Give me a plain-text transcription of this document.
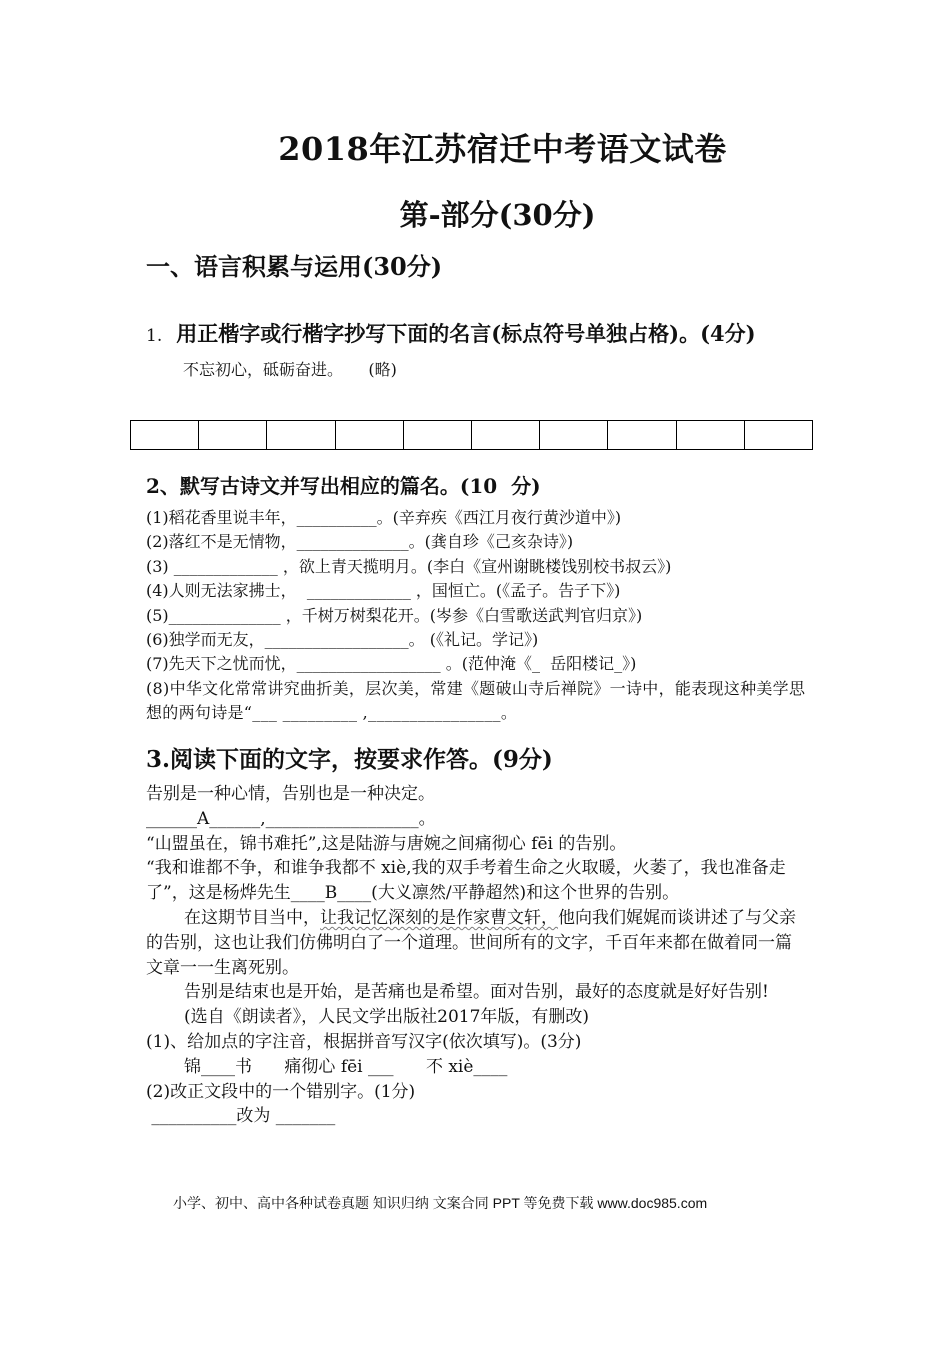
2018年江苏宿迁中考语文试卷
第-部分(30分)
一、语言积累与运用(30分)
1. 用正楷字或行楷字抄写下面的名言(标点符号单独占格)。(4分)
不忘初心，砥砺奋进。     (略)
2、默写古诗文并写出相应的篇名。(10  分)
(1)稻花香里说丰年，__________。(辛弃疾《西江月夜行黄沙道中》)
(2)落红不是无情物，______________。(龚自珍《己亥杂诗》)
(3) _____________ ，欲上青天揽明月。(李白《宣州谢眺楼饯别校书叔云》)
(4)人则无法家拂士，  _____________ ，国恒亡。(《孟子。告子下》)
(5)______________ ，千树万树梨花开。(岑参《白雪歌送武判官归京》)
(6)独学而无友，__________________。 (《礼记。学记》)
(7)先天下之忧而忧，__________________ 。(范仲淹《_  岳阳楼记_》)
(8)中华文化常常讲究曲折美，层次美，常建《题破山寺后禅院》一诗中，能表现这种美学思想的两句诗是“___ _________ ,________________。
3.阅读下面的文字，按要求作答。(9分)

告别是一种心情，告别也是一种决定。

______A______,__________________。

“山盟虽在，锦书难托”,这是陆游与唐婉之间痛彻心 fēi 的告别。

“我和谁都不争，和谁争我都不 xiè,我的双手考着生命之火取暖，火萎了，我也准备走了”，这是杨烨先生____B____(大义凛然/平静超然)和这个世界的告别。

在这期节目当中，让我记忆深刻的是作家曹文轩，他向我们娓娓而谈讲述了与父亲的告别，这也让我们仿佛明白了一个道理。世间所有的文字，千百年来都在做着同一篇文章一一生离死别。

告别是结束也是开始，是苦痛也是希望。面对告别，最好的态度就是好好告别!

(选自《朗读者》，人民文学出版社2017年版，有删改)

(1)、给加点的字注音，根据拼音写汉字(依次填写)。(3分)

锦____书      痛彻心 fēi ___      不 xiè____

(2)改正文段中的一个错别字。(1分)

__________改为 _______

小学、初中、高中各种试卷真题 知识归纳 文案合同 PPT 等免费下载 www.doc985.com
